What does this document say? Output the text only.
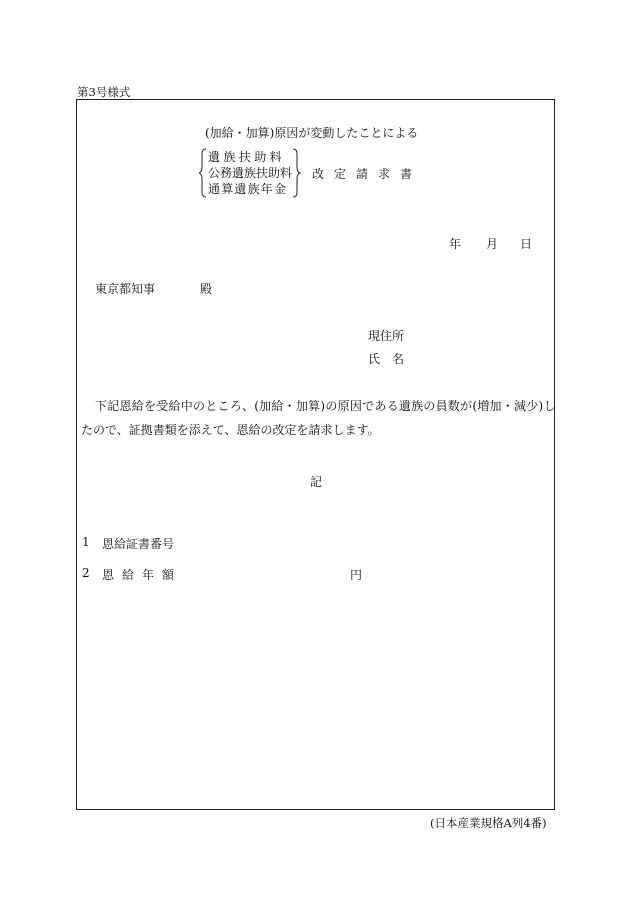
第3号様式
(加給・加算)原因が変動したことによる
遺族扶助料
公務遺族扶助料
通算遺族年金
改定請求書
年 月 日
東京都知事	殿
現住所
氏名
下記恩給を受給中のところ、(加給・加算)の原因である遺族の員数が(増加・減少)し
たので、証拠書類を添えて、恩給の改定を請求します。
記
1 恩給証書番号
2 恩給年額	円
(日本産業規格A列4番)
